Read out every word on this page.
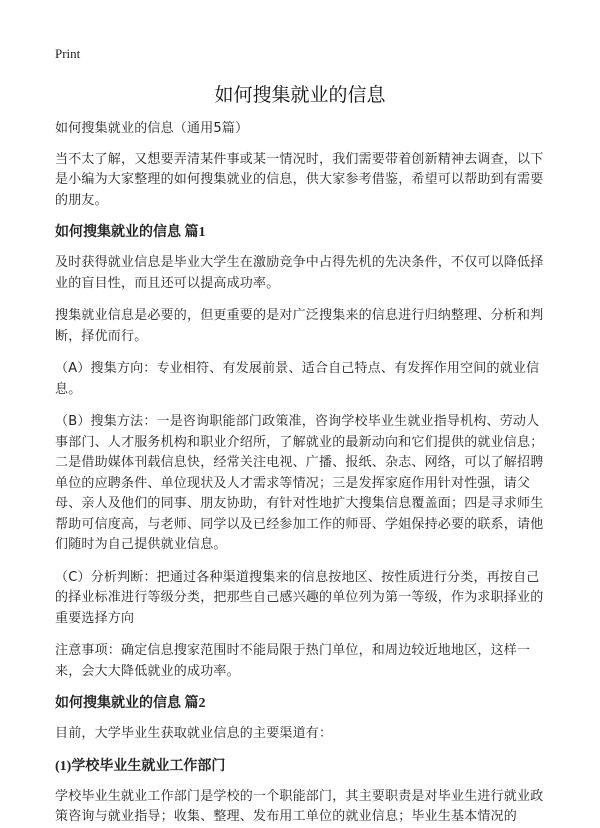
Print
如何搜集就业的信息

如何搜集就业的信息（通用5篇）

当不太了解，又想要弄清某件事或某一情况时，我们需要带着创新精神去调查，以下是小编为大家整理的如何搜集就业的信息，供大家参考借鉴，希望可以帮助到有需要的朋友。

如何搜集就业的信息 篇1

及时获得就业信息是毕业大学生在激励竞争中占得先机的先决条件，不仅可以降低择业的盲目性，而且还可以提高成功率。

搜集就业信息是必要的，但更重要的是对广泛搜集来的信息进行归纳整理、分析和判断，择优而行。

（A）搜集方向：专业相符、有发展前景、适合自己特点、有发挥作用空间的就业信息。

（B）搜集方法：一是咨询职能部门政策准，咨询学校毕业生就业指导机构、劳动人事部门、人才服务机构和职业介绍所，了解就业的最新动向和它们提供的就业信息；二是借助媒体刊载信息快，经常关注电视、广播、报纸、杂志、网络，可以了解招聘单位的应聘条件、单位现状及人才需求等情况；三是发挥家庭作用针对性强，请父母、亲人及他们的同事、朋友协助，有针对性地扩大搜集信息覆盖面；四是寻求师生帮助可信度高，与老师、同学以及已经参加工作的师哥、学姐保持必要的联系，请他们随时为自己提供就业信息。

（C）分析判断：把通过各种渠道搜集来的信息按地区、按性质进行分类，再按自己的择业标准进行等级分类，把那些自己感兴趣的单位列为第一等级，作为求职择业的重要选择方向

注意事项：确定信息搜家范围时不能局限于热门单位，和周边较近地地区，这样一来，会大大降低就业的成功率。

如何搜集就业的信息 篇2

目前，大学毕业生获取就业信息的主要渠道有：

(1)学校毕业生就业工作部门

学校毕业生就业工作部门是学校的一个职能部门，其主要职责是对毕业生进行就业政策咨询与就业指导；收集、整理、发布用工单位的就业信息；毕业生基本情况的
